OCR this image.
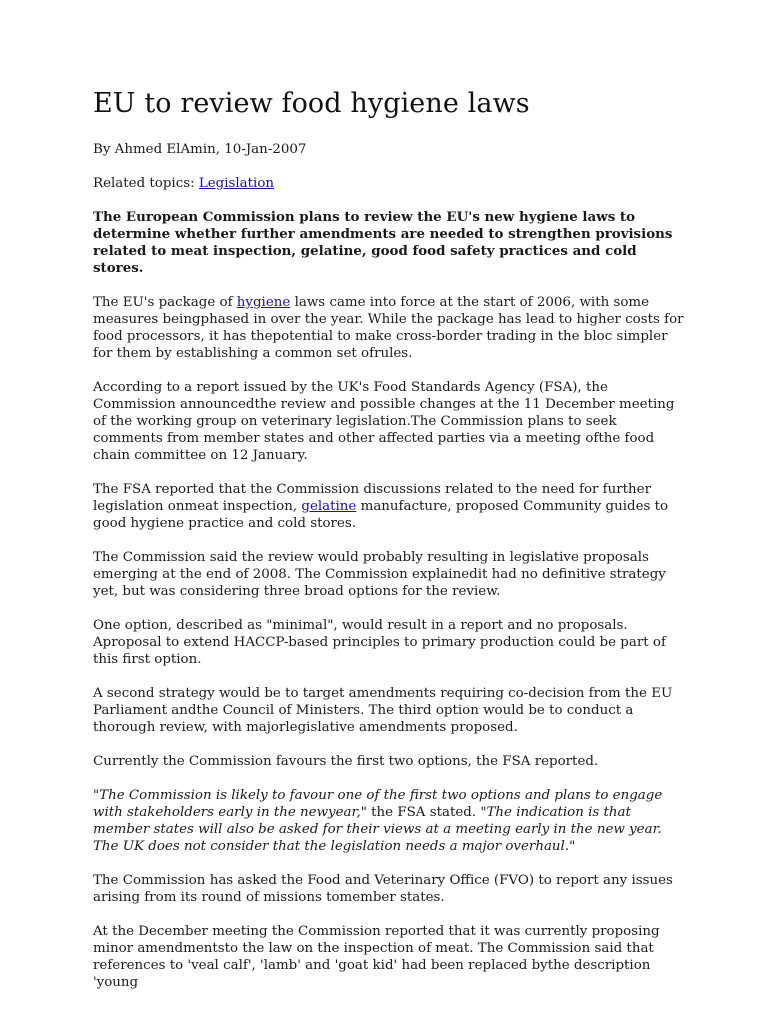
EU to review food hygiene laws

By Ahmed ElAmin, 10-Jan-2007

Related topics: Legislation

The European Commission plans to review the EU's new hygiene laws to determine whether further amendments are needed to strengthen provisions related to meat inspection, gelatine, good food safety practices and cold stores.

The EU's package of hygiene laws came into force at the start of 2006, with some measures beingphased in over the year. While the package has lead to higher costs for food processors, it has thepotential to make cross-border trading in the bloc simpler for them by establishing a common set ofrules.

According to a report issued by the UK's Food Standards Agency (FSA), the Commission announcedthe review and possible changes at the 11 December meeting of the working group on veterinary legislation.The Commission plans to seek comments from member states and other affected parties via a meeting ofthe food chain committee on 12 January.

The FSA reported that the Commission discussions related to the need for further legislation onmeat inspection, gelatine manufacture, proposed Community guides to good hygiene practice and cold stores.

The Commission said the review would probably resulting in legislative proposals emerging at the end of 2008. The Commission explainedit had no definitive strategy yet, but was considering three broad options for the review.

One option, described as "minimal", would result in a report and no proposals. Aproposal to extend HACCP-based principles to primary production could be part of this first option.

A second strategy would be to target amendments requiring co-decision from the EU Parliament andthe Council of Ministers. The third option would be to conduct a thorough review, with majorlegislative amendments proposed.

Currently the Commission favours the first two options, the FSA reported.

"The Commission is likely to favour one of the first two options and plans to engage with stakeholders early in the newyear," the FSA stated. "The indication is that member states will also be asked for their views at a meeting early in the new year. The UK does not consider that the legislation needs a major overhaul."

The Commission has asked the Food and Veterinary Office (FVO) to report any issues arising from its round of missions tomember states.

At the December meeting the Commission reported that it was currently proposing minor amendmentsto the law on the inspection of meat. The Commission said that references to 'veal calf', 'lamb' and 'goat kid' had been replaced bythe description 'young
